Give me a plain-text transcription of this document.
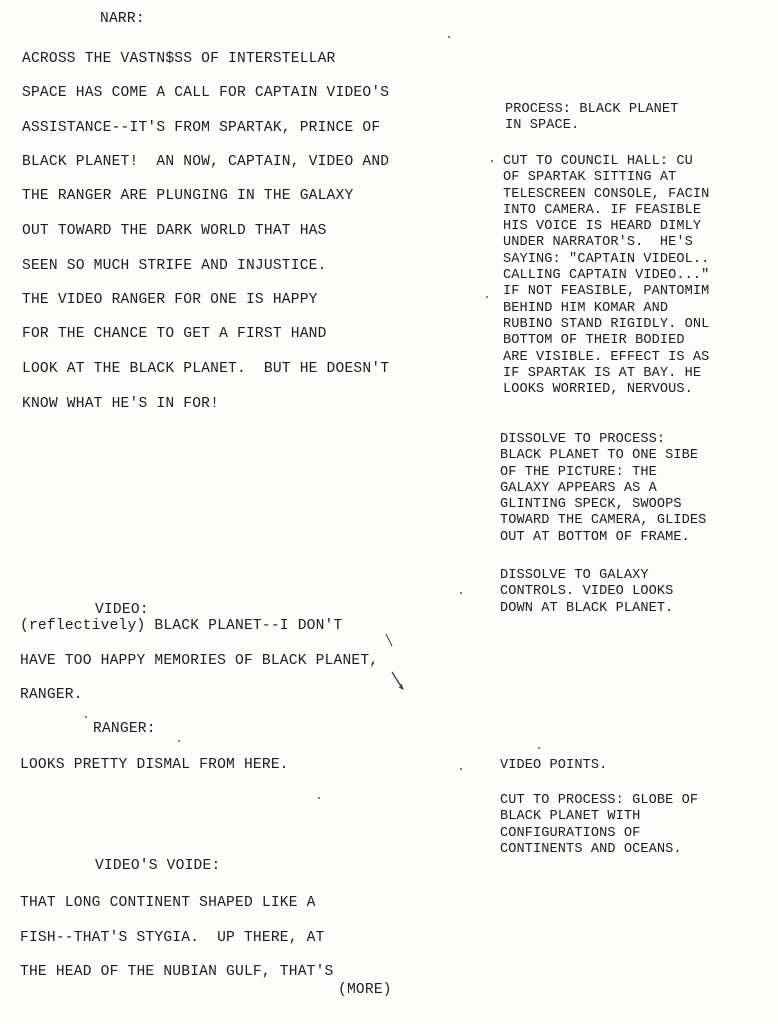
NARR:
ACROSS THE VASTN$SS OF INTERSTELLAR
SPACE HAS COME A CALL FOR CAPTAIN VIDEO'S
ASSISTANCE--IT'S FROM SPARTAK, PRINCE OF
BLACK PLANET!  AN NOW, CAPTAIN, VIDEO AND
THE RANGER ARE PLUNGING IN THE GALAXY
OUT TOWARD THE DARK WORLD THAT HAS
SEEN SO MUCH STRIFE AND INJUSTICE.
THE VIDEO RANGER FOR ONE IS HAPPY
FOR THE CHANCE TO GET A FIRST HAND
LOOK AT THE BLACK PLANET.  BUT HE DOESN'T
KNOW WHAT HE'S IN FOR!
VIDEO:
(reflectively) BLACK PLANET--I DON'T
HAVE TOO HAPPY MEMORIES OF BLACK PLANET,
RANGER.
RANGER:
LOOKS PRETTY DISMAL FROM HERE.
VIDEO'S VOIDE:
THAT LONG CONTINENT SHAPED LIKE A
FISH--THAT'S STYGIA.  UP THERE, AT
THE HEAD OF THE NUBIAN GULF, THAT'S
(MORE)
PROCESS: BLACK PLANET
IN SPACE.
CUT TO COUNCIL HALL: CU
OF SPARTAK SITTING AT
TELESCREEN CONSOLE, FACIN
INTO CAMERA. IF FEASIBLE
HIS VOICE IS HEARD DIMLY
UNDER NARRATOR'S.  HE'S
SAYING: "CAPTAIN VIDEOL..
CALLING CAPTAIN VIDEO..."
IF NOT FEASIBLE, PANTOMIM
BEHIND HIM KOMAR AND
RUBINO STAND RIGIDLY. ONL
BOTTOM OF THEIR BODIED
ARE VISIBLE. EFFECT IS AS
IF SPARTAK IS AT BAY. HE
LOOKS WORRIED, NERVOUS.
DISSOLVE TO PROCESS:
BLACK PLANET TO ONE SIBE
OF THE PICTURE: THE
GALAXY APPEARS AS A
GLINTING SPECK, SWOOPS
TOWARD THE CAMERA, GLIDES
OUT AT BOTTOM OF FRAME.
DISSOLVE TO GALAXY
CONTROLS. VIDEO LOOKS
DOWN AT BLACK PLANET.
VIDEO POINTS.
CUT TO PROCESS: GLOBE OF
BLACK PLANET WITH
CONFIGURATIONS OF
CONTINENTS AND OCEANS.
